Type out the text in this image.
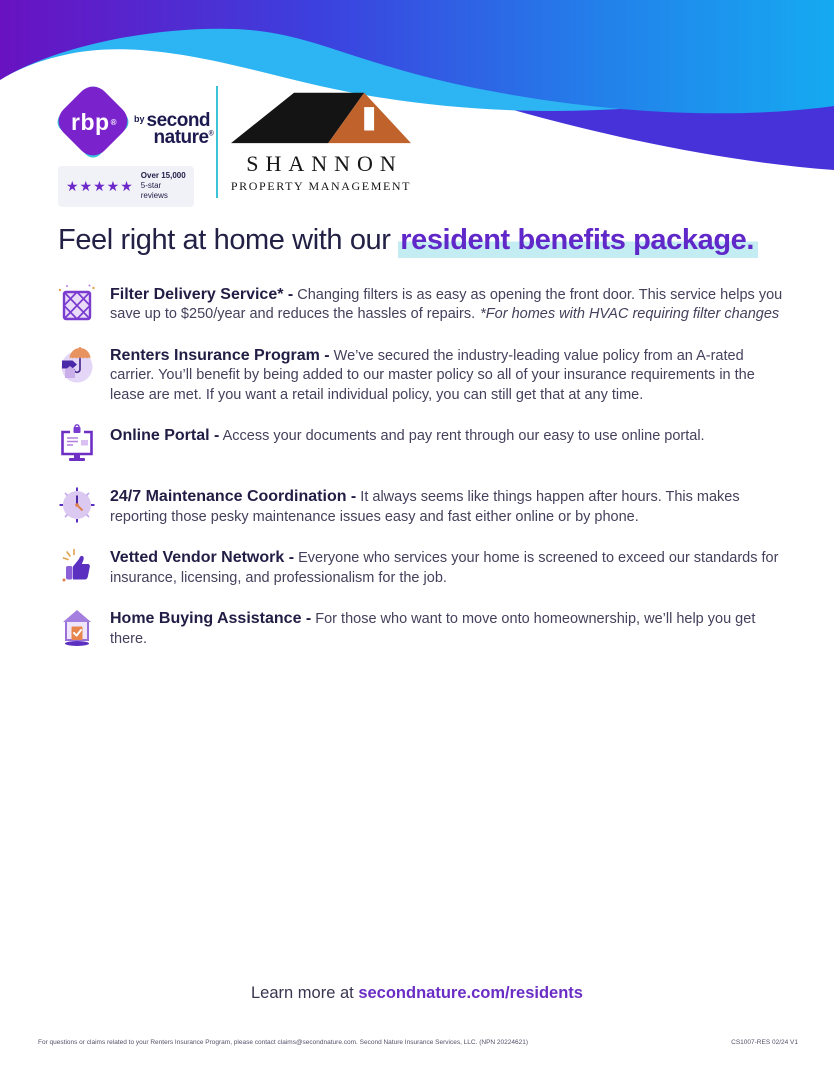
rbp ® by second
nature®
★★★★★
Over 15,000
5-star reviews
SHANNON
PROPERTY MANAGEMENT
Feel right at home with our resident benefits package.

Filter Delivery Service* - Changing filters is as easy as opening the front door. This service helps you save up to $250/year and reduces the hassles of repairs. *For homes with HVAC requiring filter changes

Renters Insurance Program - We’ve secured the industry-leading value policy from an A-rated carrier. You’ll benefit by being added to our master policy so all of your insurance requirements in the lease are met. If you want a retail individual policy, you can still get that at any time.

Online Portal - Access your documents and pay rent through our easy to use online portal.

24/7 Maintenance Coordination - It always seems like things happen after hours. This makes reporting those pesky maintenance issues easy and fast either online or by phone.

Vetted Vendor Network - Everyone who services your home is screened to exceed our standards for insurance, licensing, and professionalism for the job.

Home Buying Assistance - For those who want to move onto homeownership, we’ll help you get there.

Learn more at secondnature.com/residents
For questions or claims related to your Renters Insurance Program, please contact claims@secondnature.com. Second Nature Insurance Services, LLC. (NPN 20224621)	CS1007-RES 02/24 V1
